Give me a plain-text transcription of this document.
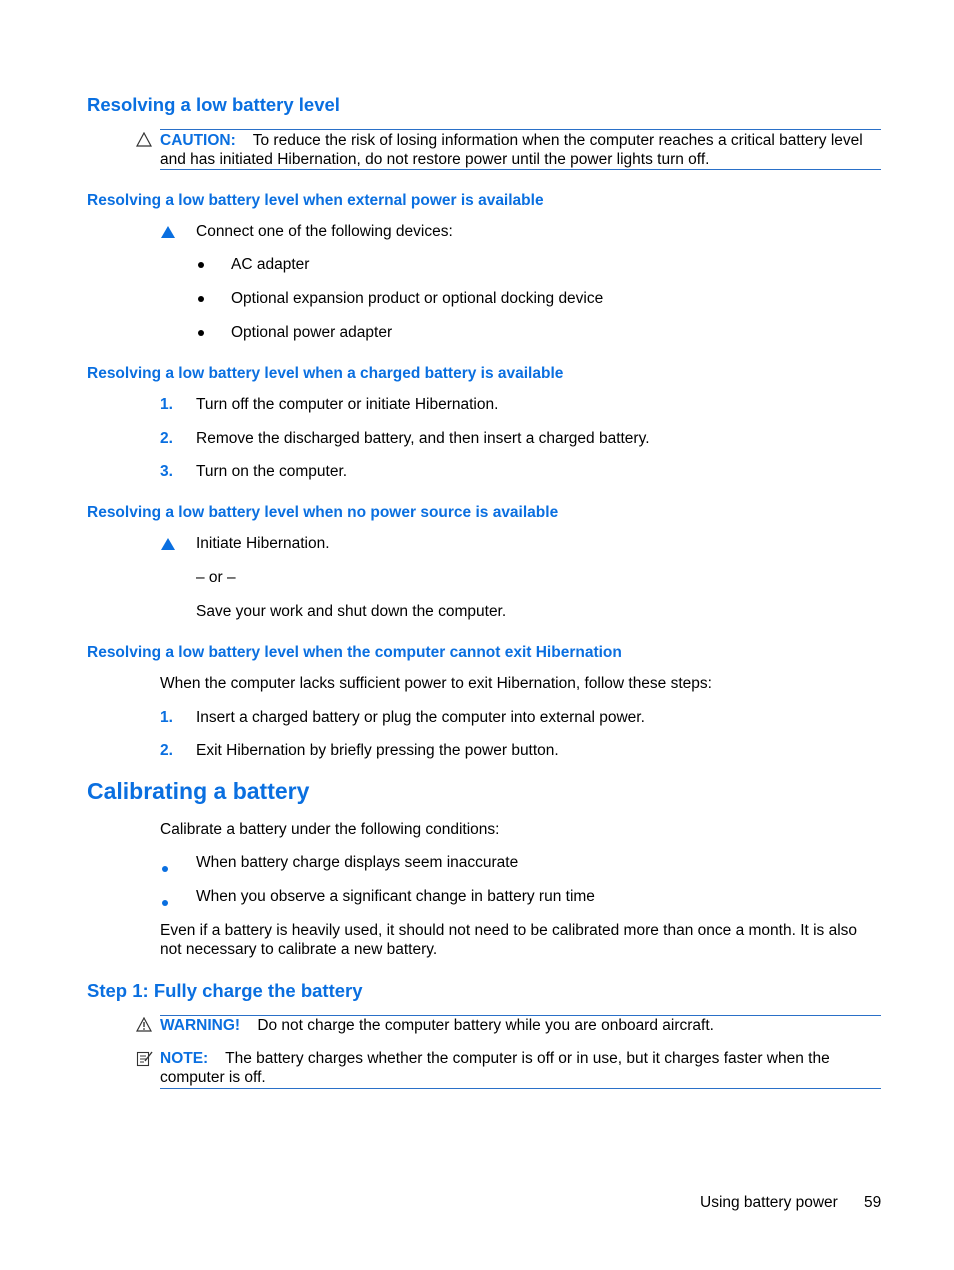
Resolving a low battery level
CAUTION: To reduce the risk of losing information when the computer reaches a critical battery level and has initiated Hibernation, do not restore power until the power lights turn off.
Resolving a low battery level when external power is available
Connect one of the following devices:
AC adapter
Optional expansion product or optional docking device
Optional power adapter
Resolving a low battery level when a charged battery is available
1. Turn off the computer or initiate Hibernation.
2. Remove the discharged battery, and then insert a charged battery.
3. Turn on the computer.
Resolving a low battery level when no power source is available
Initiate Hibernation.
– or –
Save your work and shut down the computer.
Resolving a low battery level when the computer cannot exit Hibernation
When the computer lacks sufficient power to exit Hibernation, follow these steps:
1. Insert a charged battery or plug the computer into external power.
2. Exit Hibernation by briefly pressing the power button.
Calibrating a battery
Calibrate a battery under the following conditions:
When battery charge displays seem inaccurate
When you observe a significant change in battery run time
Even if a battery is heavily used, it should not need to be calibrated more than once a month. It is also not necessary to calibrate a new battery.
Step 1: Fully charge the battery
WARNING! Do not charge the computer battery while you are onboard aircraft.
NOTE: The battery charges whether the computer is off or in use, but it charges faster when the computer is off.
Using battery power 59
